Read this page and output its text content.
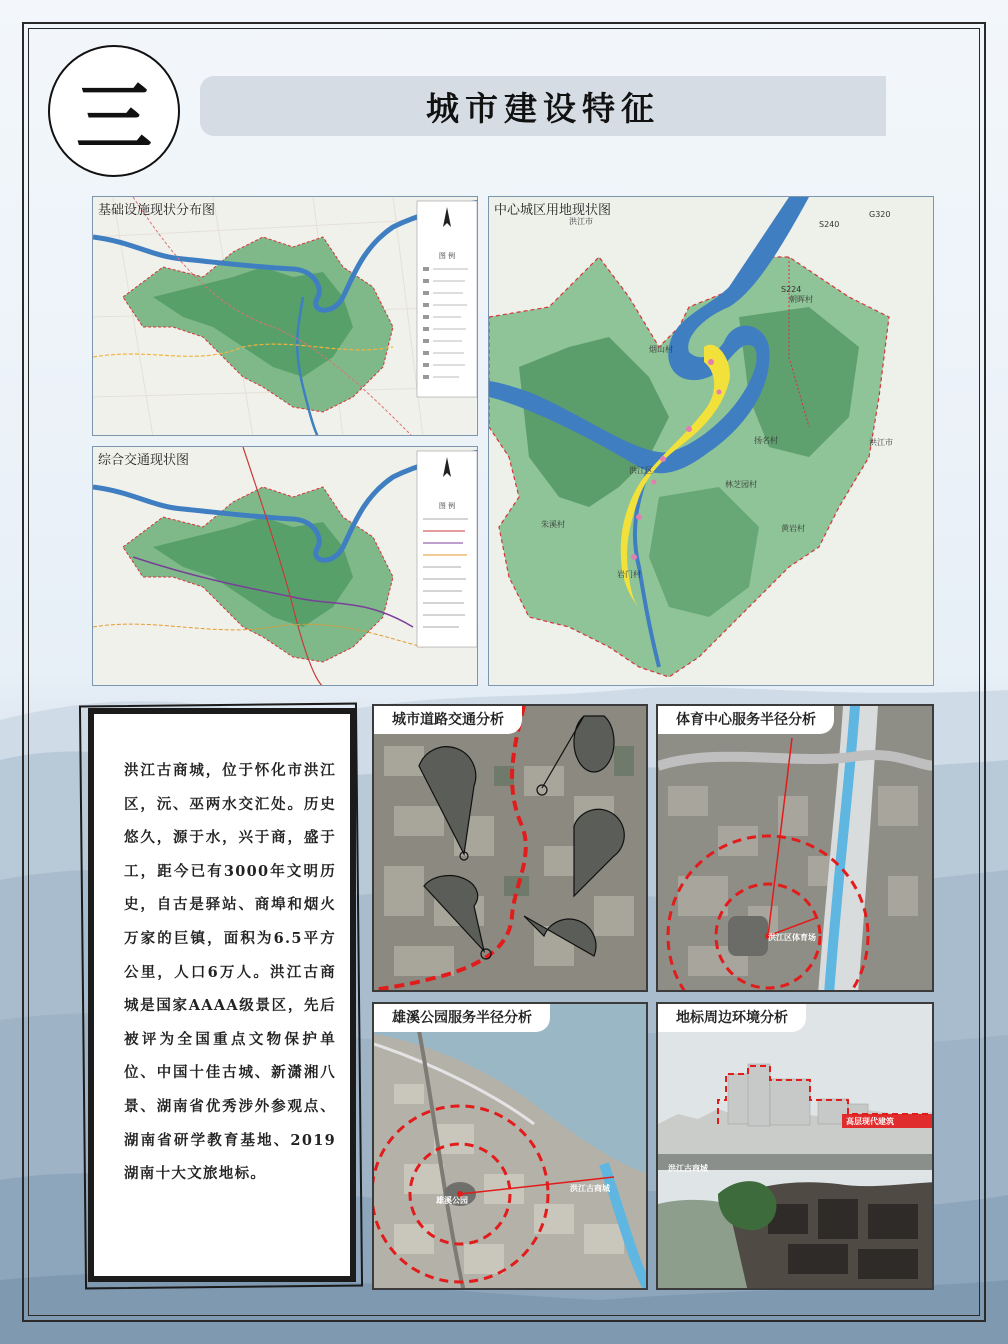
三	城市建设特征
基础设施现状分布图
图 例
综合交通现状图
图 例
中心城区用地现状图
洪江市
洪江区
洪江市
林芝园村
扬名村
朱溪村
朝晖村
岩门村
烟山村
黄岩村
S224
S240
G320
洪江古商城，位于怀化市洪江区，沅、巫两水交汇处。历史悠久，源于水，兴于商，盛于工，距今已有3000年文明历史，自古是驿站、商埠和烟火万家的巨镇，面积为6.5平方公里，人口6万人。洪江古商城是国家AAAA级景区，先后被评为全国重点文物保护单位、中国十佳古城、新潇湘八景、湖南省优秀涉外参观点、湖南省研学教育基地、2019湖南十大文旅地标。
城市道路交通分析	体育中心服务半径分析
洪江区体育场
雄溪公园服务半径分析
雄溪公园
洪江古商城
地标周边环境分析
高层现代建筑
洪江古商城
